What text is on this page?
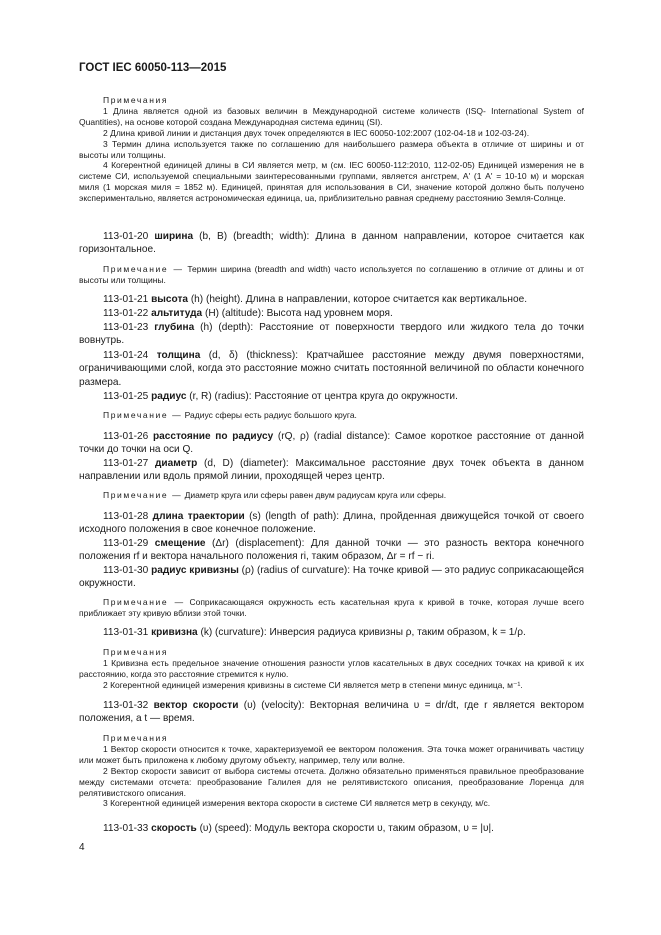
ГОСТ IEC 60050-113—2015

Примечания

1 Длина является одной из базовых величин в Международной системе количеств (ISQ- International System of Quantities), на основе которой создана Международная система единиц (SI).

2 Длина кривой линии и дистанция двух точек определяются в IEC 60050-102:2007 (102-04-18 и 102-03-24).

3 Термин длина используется также по соглашению для наибольшего размера объекта в отличие от ширины и от высоты или толщины.

4 Когерентной единицей длины в СИ является метр, м (см. IEC 60050-112:2010, 112-02-05) Единицей измерения не в системе СИ, используемой специальными заинтересованными группами, является ангстрем, А' (1 А' = 10-10 м) и морская миля (1 морская миля = 1852 м). Единицей, принятая для использования в СИ, значение которой должно быть получено экспериментально, является астрономическая единица, ua, приблизительно равная среднему расстоянию Земля-Солнце.

113-01-20 ширина (b, B) (breadth; width): Длина в данном направлении, которое считается как горизонтальное.
Примечание — Термин ширина (breadth and width) часто используется по соглашению в отличие от длины и от высоты или толщины.
113-01-21 высота (h) (height). Длина в направлении, которое считается как вертикальное.
113-01-22 альтитуда (H) (altitude): Высота над уровнем моря.
113-01-23 глубина (h) (depth): Расстояние от поверхности твердого или жидкого тела до точки вовнутрь.
113-01-24 толщина (d, δ) (thickness): Кратчайшее расстояние между двумя поверхностями, ограничивающими слой, когда это расстояние можно считать постоянной величиной по области конечного размера.
113-01-25 радиус (r, R) (radius): Расстояние от центра круга до окружности.
Примечание — Радиус сферы есть радиус большого круга.
113-01-26 расстояние по радиусу (rQ, ρ) (radial distance): Самое короткое расстояние от данной точки до точки на оси Q.
113-01-27 диаметр (d, D) (diameter): Максимальное расстояние двух точек объекта в данном направлении или вдоль прямой линии, проходящей через центр.
Примечание — Диаметр круга или сферы равен двум радиусам круга или сферы.
113-01-28 длина траектории (s) (length of path): Длина, пройденная движущейся точкой от своего исходного положения в свое конечное положение.
113-01-29 смещение (Δr) (displacement): Для данной точки — это разность вектора конечного положения rf и вектора начального положения ri, таким образом, Δr = rf − ri.
113-01-30 радиус кривизны (ρ) (radius of curvature): На точке кривой — это радиус соприкасающейся окружности.
Примечание — Соприкасающаяся окружность есть касательная круга к кривой в точке, которая лучше всего приближает эту кривую вблизи этой точки.
113-01-31 кривизна (k) (curvature): Инверсия радиуса кривизны ρ, таким образом, k = 1/ρ.

Примечания

1 Кривизна есть предельное значение отношения разности углов касательных в двух соседних точках на кривой к их расстоянию, когда это расстояние стремится к нулю.

2 Когерентной единицей измерения кривизны в системе СИ является метр в степени минус единица, м⁻¹.

113-01-32 вектор скорости (υ) (velocity): Векторная величина υ = dr/dt, где r является вектором положения, a t — время.

Примечания

1 Вектор скорости относится к точке, характеризуемой ее вектором положения. Эта точка может ограничивать частицу или может быть приложена к любому другому объекту, например, телу или волне.

2 Вектор скорости зависит от выбора системы отсчета. Должно обязательно применяться правильное преобразование между системами отсчета: преобразование Галилея для не релятивистского описания, преобразование Лоренца для релятивистского описания.

3 Когерентной единицей измерения вектора скорости в системе СИ является метр в секунду, м/с.

113-01-33 скорость (υ) (speed): Модуль вектора скорости υ, таким образом, υ = |υ|.
4
